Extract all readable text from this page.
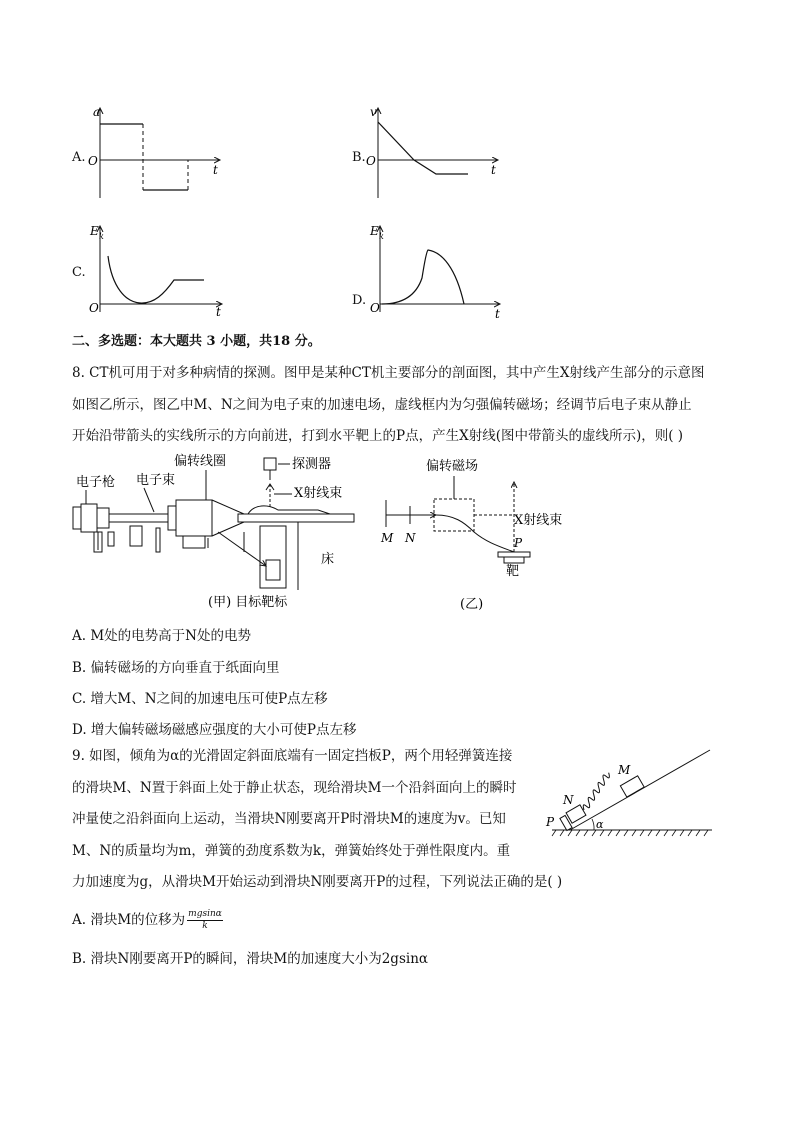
A.
a
O
t
B.
v
O
t
C.
E k
O	t
D.
E k
O	t
二、多选题：本大题共 3 小题，共18 分。
8. CT机可用于对多种病情的探测。图甲是某种CT机主要部分的剖面图，其中产生X射线产生部分的示意图
如图乙所示，图乙中M、N之间为电子束的加速电场，虚线框内为匀强偏转磁场；经调节后电子束从静止
开始沿带箭头的实线所示的方向前进，打到水平靶上的P点，产生X射线(图中带箭头的虚线所示)，则( )
电子枪 电子束
偏转线圈	探测器
X射线束
床
(甲) 目标靶标
偏转磁场
X射线束
M N	P
靶
(乙)
A. M处的电势高于N处的电势
B. 偏转磁场的方向垂直于纸面向里
C. 增大M、N之间的加速电压可使P点左移
D. 增大偏转磁场磁感应强度的大小可使P点左移
9. 如图，倾角为α的光滑固定斜面底端有一固定挡板P，两个用轻弹簧连接
的滑块M、N置于斜面上处于静止状态，现给滑块M一个沿斜面向上的瞬时
冲量使之沿斜面向上运动，当滑块N刚要离开P时滑块M的速度为v。已知
M、N的质量均为m，弹簧的劲度系数为k，弹簧始终处于弹性限度内。重
力加速度为g，从滑块M开始运动到滑块N刚要离开P的过程，下列说法正确的是( )
M
N
P	α
A. 滑块M的位移为 $\frac{mgsin\alpha}{k}$
B. 滑块N刚要离开P的瞬间，滑块M的加速度大小为2gsinα
